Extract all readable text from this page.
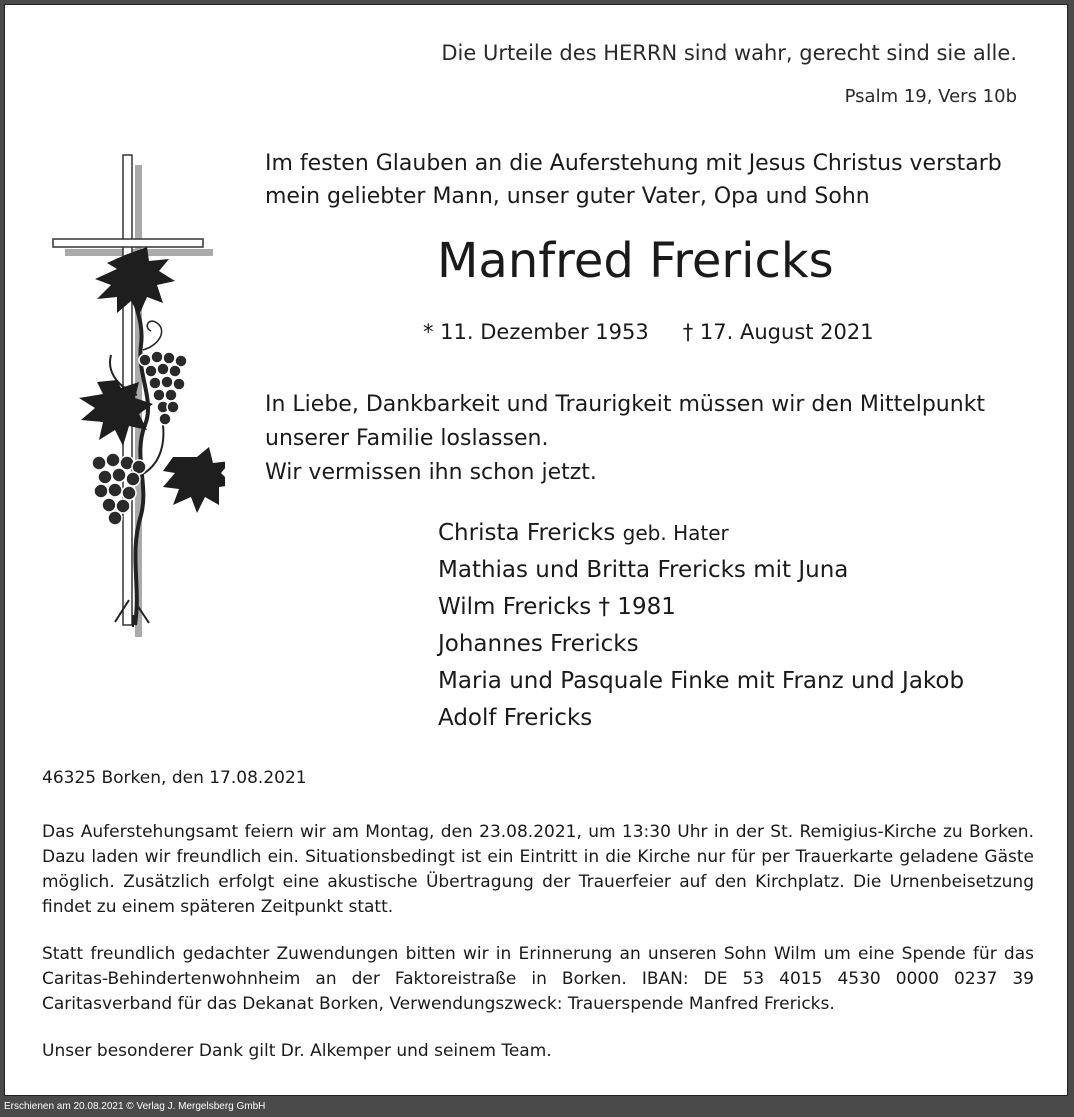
Die Urteile des HERRN sind wahr, gerecht sind sie alle.
Psalm 19, Vers 10b
Im festen Glauben an die Auferstehung mit Jesus Christus verstarb
mein geliebter Mann, unser guter Vater, Opa und Sohn
Manfred Frericks
* 11. Dezember 1953 † 17. August 2021
In Liebe, Dankbarkeit und Traurigkeit müssen wir den Mittelpunkt
unserer Familie loslassen.
Wir vermissen ihn schon jetzt.
Christa Frericks geb. Hater
Mathias und Britta Frericks mit Juna
Wilm Frericks † 1981
Johannes Frericks
Maria und Pasquale Finke mit Franz und Jakob
Adolf Frericks
46325 Borken, den 17.08.2021
Das Auferstehungsamt feiern wir am Montag, den 23.08.2021, um 13:30 Uhr in der St. Remigius-Kirche zu Borken. Dazu laden wir freundlich ein. Situationsbedingt ist ein Eintritt in die Kirche nur für per Trauerkarte geladene Gäste möglich. Zusätzlich erfolgt eine akustische Übertragung der Trauerfeier auf den Kirchplatz. Die Urnenbeisetzung findet zu einem späteren Zeitpunkt statt.
Statt freundlich gedachter Zuwendungen bitten wir in Erinnerung an unseren Sohn Wilm um eine Spende für das Caritas-Behindertenwohnheim an der Faktoreistraße in Borken. IBAN: DE 53 4015 4530 0000 0237 39 Caritasverband für das Dekanat Borken, Verwendungszweck: Trauerspende Manfred Frericks.
Unser besonderer Dank gilt Dr. Alkemper und seinem Team.
Erschienen am 20.08.2021 © Verlag J. Mergelsberg GmbH
